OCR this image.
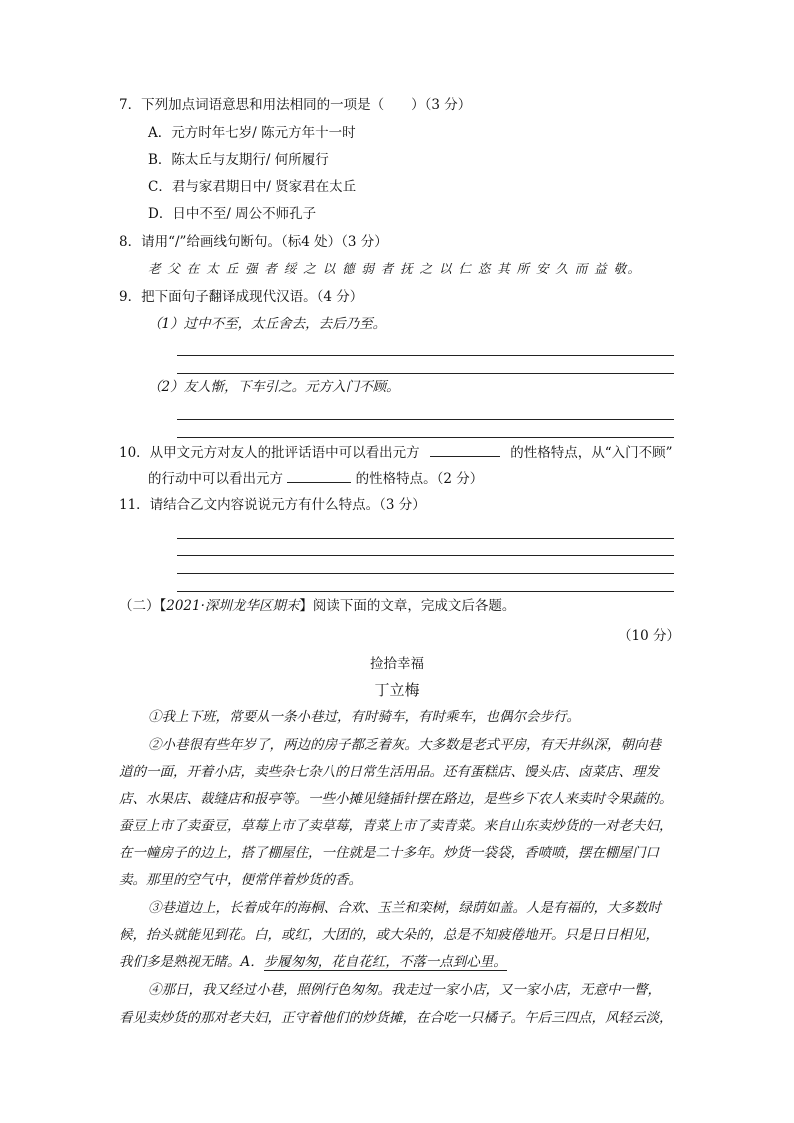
7．下列加点词语意思和用法相同的一项是（　　）（3 分）
A．元方时年七岁/ 陈元方年十一时
B．陈太丘与友期行/ 何所履行
C．君与家君期日中/ 贤家君在太丘
D．日中不至/ 周公不师孔子
8．请用“/”给画线句断句。（标4 处）（3 分）
老 父 在 太 丘 强 者 绥 之 以 德 弱 者 抚 之 以 仁 恣 其 所 安 久 而 益 敬。
9．把下面句子翻译成现代汉语。（4 分）
（1）过中不至，太丘舍去，去后乃至。
（2）友人惭，下车引之。元方入门不顾。
10．从甲文元方对友人的批评话语中可以看出元方	的性格特点，从“入门不顾”
的行动中可以看出元方	的性格特点。（2 分）
11．请结合乙文内容说说元方有什么特点。（3 分）
（二）【2021·深圳龙华区期末】阅读下面的文章，完成文后各题。
（10 分）
捡拾幸福
丁立梅
①我上下班，常要从一条小巷过，有时骑车，有时乘车，也偶尔会步行。
②小巷很有些年岁了，两边的房子都乏着灰。大多数是老式平房，有天井纵深，朝向巷
道的一面，开着小店，卖些杂七杂八的日常生活用品。还有蛋糕店、馒头店、卤菜店、理发
店、水果店、裁缝店和报亭等。一些小摊见缝插针摆在路边，是些乡下农人来卖时令果蔬的。
蚕豆上市了卖蚕豆，草莓上市了卖草莓，青菜上市了卖青菜。来自山东卖炒货的一对老夫妇，
在一幢房子的边上，搭了棚屋住，一住就是二十多年。炒货一袋袋，香喷喷，摆在棚屋门口
卖。那里的空气中，便常伴着炒货的香。
③巷道边上，长着成年的海桐、合欢、玉兰和栾树，绿荫如盖。人是有福的，大多数时
候，抬头就能见到花。白，或红，大团的，或大朵的，总是不知疲倦地开。只是日日相见，
我们多是熟视无睹。A．步履匆匆，花自花红，不落一点到心里。
④那日，我又经过小巷，照例行色匆匆。我走过一家小店，又一家小店，无意中一瞥，
看见卖炒货的那对老夫妇，正守着他们的炒货摊，在合吃一只橘子。午后三四点，风轻云淡，
